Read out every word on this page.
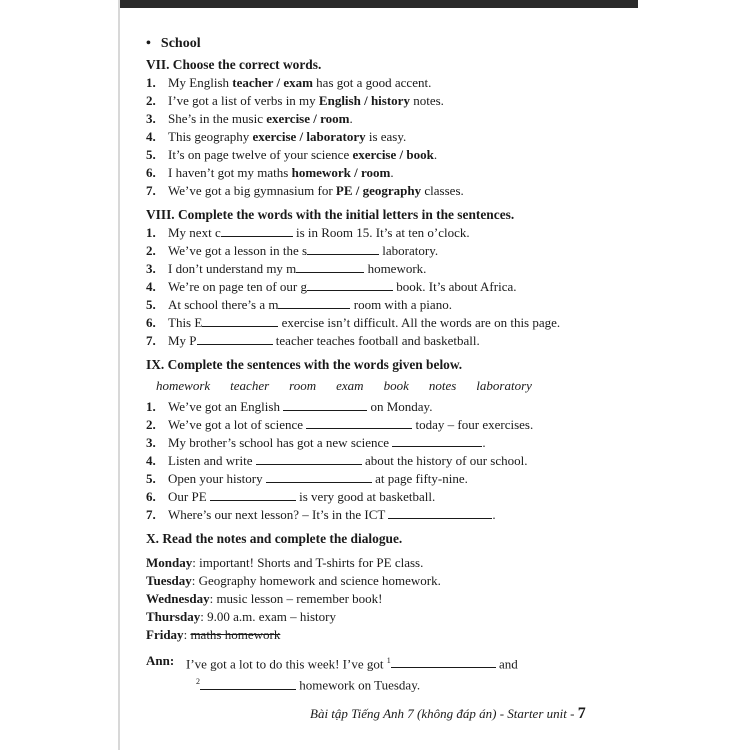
• School

VII. Choose the correct words.

1. My English teacher / exam has got a good accent.
2. I’ve got a list of verbs in my English / history notes.
3. She’s in the music exercise / room.
4. This geography exercise / laboratory is easy.
5. It’s on page twelve of your science exercise / book.
6. I haven’t got my maths homework / room.
7. We’ve got a big gymnasium for PE / geography classes.

VIII. Complete the words with the initial letters in the sentences.

1. My next c	is in Room 15. It’s at ten o’clock.
2. We’ve got a lesson in the s	laboratory.
3. I don’t understand my m	homework.
4. We’re on page ten of our g	book. It’s about Africa.
5. At school there’s a m	room with a piano.
6. This E	exercise isn’t difficult. All the words are on this page.
7. My P	teacher teaches football and basketball.

IX. Complete the sentences with the words given below.

homework teacher room exam book notes laboratory
1. We’ve got an English	on Monday.
2. We’ve got a lot of science	today – four exercises.
3. My brother’s school has got a new science	.
4. Listen and write	about the history of our school.
5. Open your history	at page fifty-nine.
6. Our PE	is very good at basketball.
7. Where’s our next lesson? – It’s in the ICT	.

X. Read the notes and complete the dialogue.

Monday: important! Shorts and T-shirts for PE class.

Tuesday: Geography homework and science homework.

Wednesday: music lesson – remember book!

Thursday: 9.00 a.m. exam – history

Friday: maths homework

Ann: I’ve got a lot to do this week! I’ve got $^1$	and
$^2$	homework on Tuesday.
Bài tập Tiếng Anh 7 (không đáp án) - Starter unit - 7
